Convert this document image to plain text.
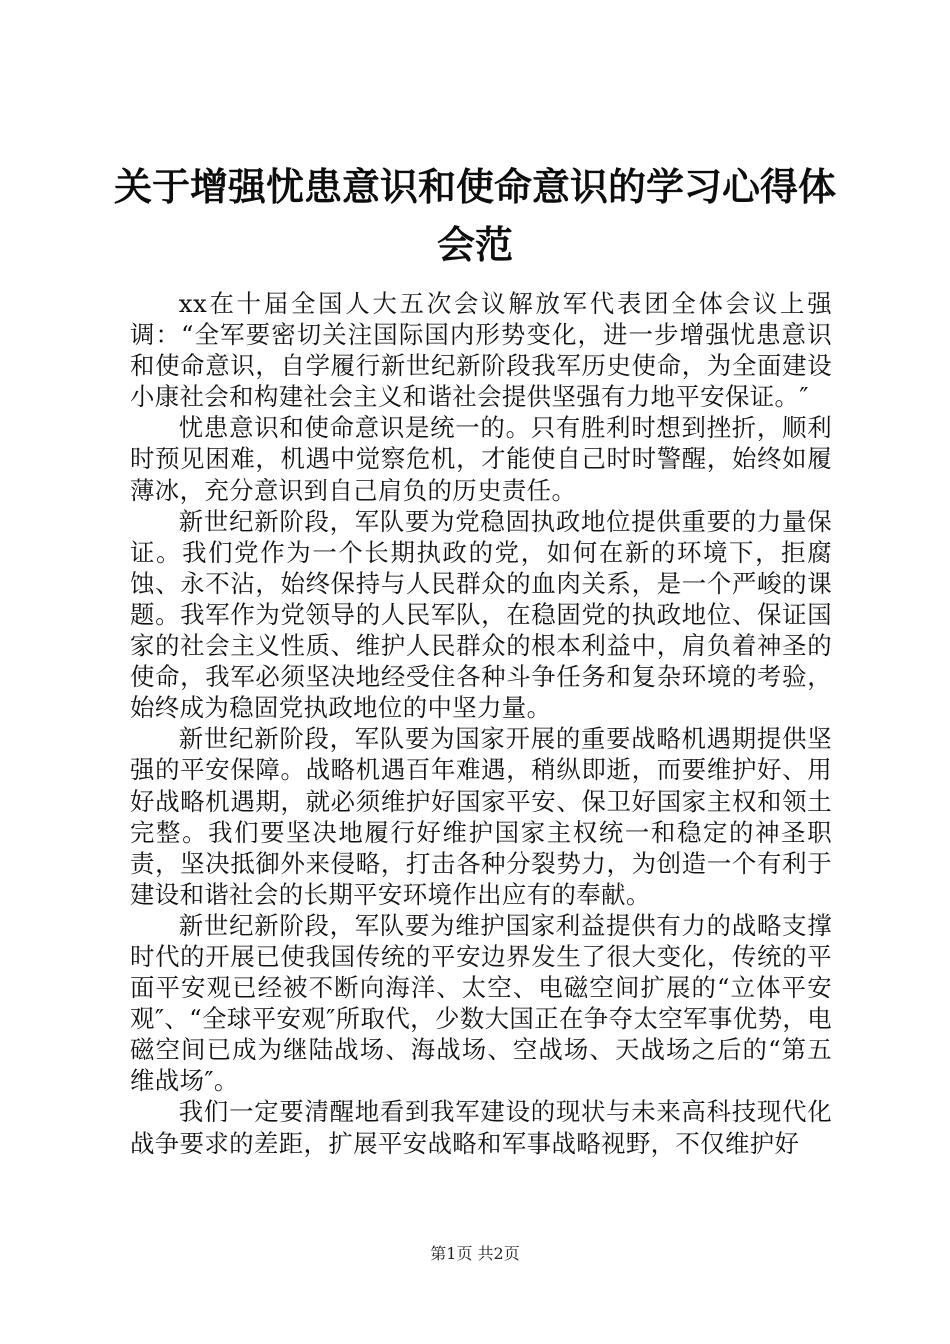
关于增强忧患意识和使命意识的学习心得体会范

xx在十届全国人大五次会议解放军代表团全体会议上强调：“全军要密切关注国际国内形势变化，进一步增强忧患意识和使命意识，自学履行新世纪新阶段我军历史使命，为全面建设小康社会和构建社会主义和谐社会提供坚强有力地平安保证。″

忧患意识和使命意识是统一的。只有胜利时想到挫折，顺利时预见困难，机遇中觉察危机，才能使自己时时警醒，始终如履薄冰，充分意识到自己肩负的历史责任。

新世纪新阶段，军队要为党稳固执政地位提供重要的力量保证。我们党作为一个长期执政的党，如何在新的环境下，拒腐蚀、永不沾，始终保持与人民群众的血肉关系，是一个严峻的课题。我军作为党领导的人民军队，在稳固党的执政地位、保证国家的社会主义性质、维护人民群众的根本利益中，肩负着神圣的使命，我军必须坚决地经受住各种斗争任务和复杂环境的考验，始终成为稳固党执政地位的中坚力量。

新世纪新阶段，军队要为国家开展的重要战略机遇期提供坚强的平安保障。战略机遇百年难遇，稍纵即逝，而要维护好、用好战略机遇期，就必须维护好国家平安、保卫好国家主权和领土完整。我们要坚决地履行好维护国家主权统一和稳定的神圣职责，坚决抵御外来侵略，打击各种分裂势力，为创造一个有利于建设和谐社会的长期平安环境作出应有的奉献。

新世纪新阶段，军队要为维护国家利益提供有力的战略支撑时代的开展已使我国传统的平安边界发生了很大变化，传统的平面平安观已经被不断向海洋、太空、电磁空间扩展的“立体平安观″、“全球平安观″所取代，少数大国正在争夺太空军事优势，电磁空间已成为继陆战场、海战场、空战场、天战场之后的“第五维战场″。

我们一定要清醒地看到我军建设的现状与未来高科技现代化战争要求的差距，扩展平安战略和军事战略视野，不仅维护好

第1页 共2页
